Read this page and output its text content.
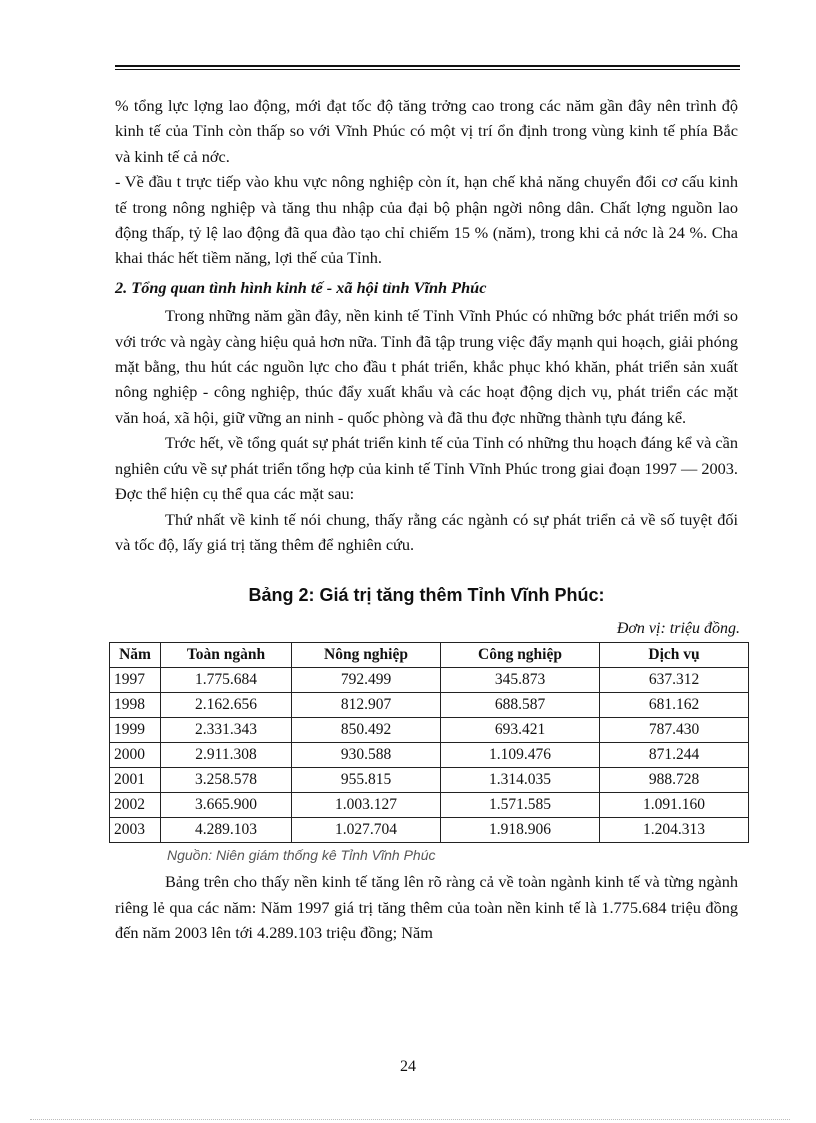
% tổng lực lợng lao động, mới đạt tốc độ tăng trởng cao trong các năm gần đây nên trình độ kinh tế của Tỉnh còn thấp so với Vĩnh Phúc có một vị trí ổn định trong vùng kinh tế phía Bắc và kinh tế cả nớc.

- Về đầu t trực tiếp vào khu vực nông nghiệp còn ít, hạn chế khả năng chuyển đổi cơ cấu kinh tế trong nông nghiệp và tăng thu nhập của đại bộ phận ngời nông dân. Chất lợng nguồn lao động thấp, tỷ lệ lao động đã qua đào tạo chỉ chiếm 15 % (năm), trong khi cả nớc là 24 %. Cha khai thác hết tiềm năng, lợi thế của Tỉnh.

2. Tổng quan tình hình kinh tế - xã hội tỉnh Vĩnh Phúc

Trong những năm gần đây, nền kinh tế Tỉnh Vĩnh Phúc có những bớc phát triển mới so với trớc và ngày càng hiệu quả hơn nữa. Tỉnh đã tập trung việc đẩy mạnh qui hoạch, giải phóng mặt bằng, thu hút các nguồn lực cho đầu t phát triển, khắc phục khó khăn, phát triển sản xuất nông nghiệp - công nghiệp, thúc đẩy xuất khẩu và các hoạt động dịch vụ, phát triển các mặt văn hoá, xã hội, giữ vững an ninh - quốc phòng và đã thu đợc những thành tựu đáng kể.

Trớc hết, về tổng quát sự phát triển kinh tế của Tỉnh có những thu hoạch đáng kể và cần nghiên cứu về sự phát triển tổng hợp của kinh tế Tỉnh Vĩnh Phúc trong giai đoạn 1997 — 2003. Đợc thể hiện cụ thể qua các mặt sau:

Thứ nhất về kinh tế nói chung, thấy rằng các ngành có sự phát triển cả về số tuyệt đối và tốc độ, lấy giá trị tăng thêm để nghiên cứu.

Bảng 2: Giá trị tăng thêm Tỉnh Vĩnh Phúc:
Đơn vị: triệu đồng.
Năm	Toàn ngành	Nông nghiệp	Công nghiệp	Dịch vụ
1997	1.775.684	792.499	345.873	637.312
1998	2.162.656	812.907	688.587	681.162
1999	2.331.343	850.492	693.421	787.430
2000	2.911.308	930.588	1.109.476	871.244
2001	3.258.578	955.815	1.314.035	988.728
2002	3.665.900	1.003.127	1.571.585	1.091.160
2003	4.289.103	1.027.704	1.918.906	1.204.313
Nguồn: Niên giám thống kê Tỉnh Vĩnh Phúc

Bảng trên cho thấy nền kinh tế tăng lên rõ ràng cả về toàn ngành kinh tế và từng ngành riêng lẻ qua các năm: Năm 1997 giá trị tăng thêm của toàn nền kinh tế là 1.775.684 triệu đồng đến năm 2003 lên tới 4.289.103 triệu đồng; Năm

24
